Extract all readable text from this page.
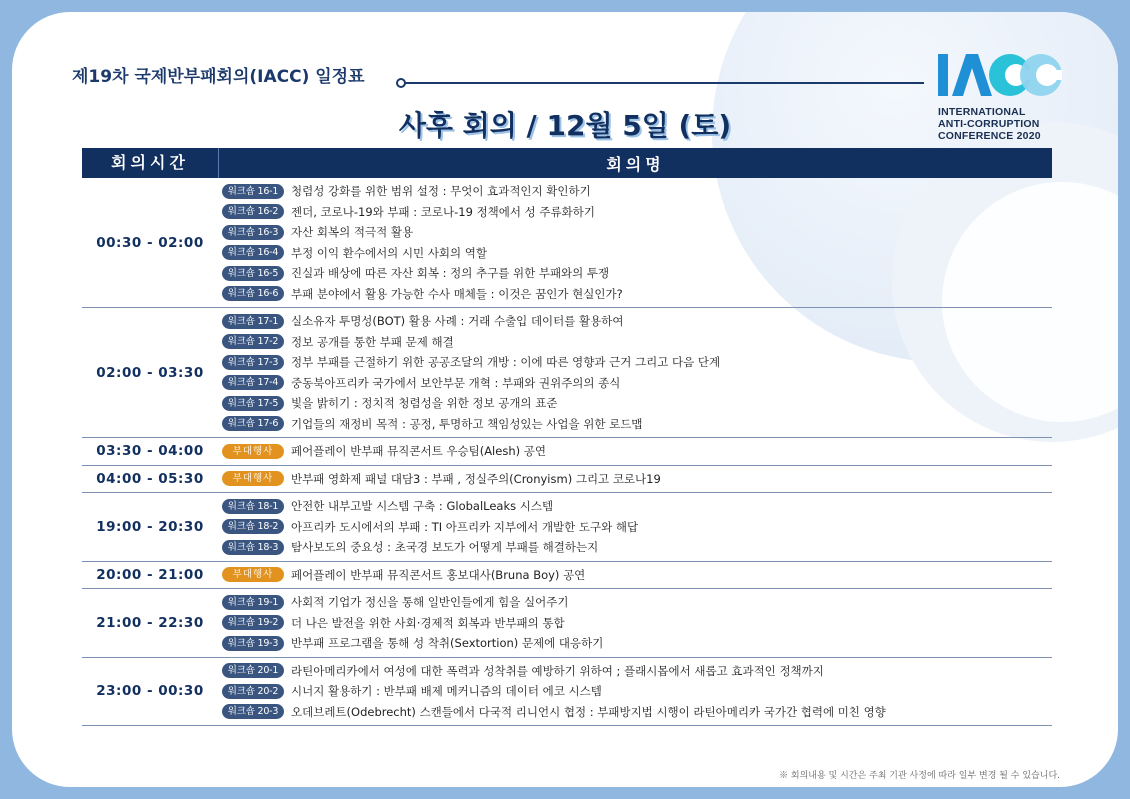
제19차 국제반부패회의(IACC) 일정표
INTERNATIONAL
ANTI-CORRUPTION
CONFERENCE 2020
사후 회의 / 12월 5일 (토)
회의시간	회의명
00:30 - 02:00
워크숍 16-1	청렴성 강화를 위한 범위 설정 : 무엇이 효과적인지 확인하기
워크숍 16-2	젠더, 코로나-19와 부패 : 코로나-19 정책에서 성 주류화하기
워크숍 16-3	자산 회복의 적극적 활용
워크숍 16-4	부정 이익 환수에서의 시민 사회의 역할
워크숍 16-5	진실과 배상에 따른 자산 회복 : 정의 추구를 위한 부패와의 투쟁
워크숍 16-6	부패 분야에서 활용 가능한 수사 매체들 : 이것은 꿈인가 현실인가?
02:00 - 03:30
워크숍 17-1	실소유자 투명성(BOT) 활용 사례 : 거래 수출입 데이터를 활용하여
워크숍 17-2	정보 공개를 통한 부패 문제 해결
워크숍 17-3	정부 부패를 근절하기 위한 공공조달의 개방 : 이에 따른 영향과 근거 그리고 다음 단계
워크숍 17-4	중동북아프리카 국가에서 보안부문 개혁 : 부패와 권위주의의 종식
워크숍 17-5	빛을 밝히기 : 정치적 청렴성을 위한 정보 공개의 표준
워크숍 17-6	기업들의 재정비 목적 : 공정, 투명하고 책임성있는 사업을 위한 로드맵
03:30 - 04:00	부대행사	페어플레이 반부패 뮤직콘서트 우승팀(Alesh) 공연
04:00 - 05:30	부대행사	반부패 영화제 패널 대담3 : 부패 , 정실주의(Cronyism) 그리고 코로나19
19:00 - 20:30
워크숍 18-1	안전한 내부고발 시스템 구축 : GlobalLeaks 시스템
워크숍 18-2	아프리카 도시에서의 부패 : TI 아프리카 지부에서 개발한 도구와 해답
워크숍 18-3	탐사보도의 중요성 : 초국경 보도가 어떻게 부패를 해결하는지
20:00 - 21:00	부대행사	페어플레이 반부패 뮤직콘서트 홍보대사(Bruna Boy) 공연
21:00 - 22:30
워크숍 19-1	사회적 기업가 정신을 통해 일반인들에게 힘을 실어주기
워크숍 19-2	더 나은 발전을 위한 사회·경제적 회복과 반부패의 통합
워크숍 19-3	반부패 프로그램을 통해 성 착취(Sextortion) 문제에 대응하기
23:00 - 00:30
워크숍 20-1	라틴아메리카에서 여성에 대한 폭력과 성착취를 예방하기 위하여 ; 플래시몹에서 새롭고 효과적인 정책까지
워크숍 20-2	시너지 활용하기 : 반부패 배제 메커니즘의 데이터 에코 시스템
워크숍 20-3	오데브레트(Odebrecht) 스캔들에서 다국적 리니언시 협정 : 부패방지법 시행이 라틴아메리카 국가간 협력에 미친 영향
※ 회의내용 및 시간은 주최 기관 사정에 따라 일부 변경 될 수 있습니다.
